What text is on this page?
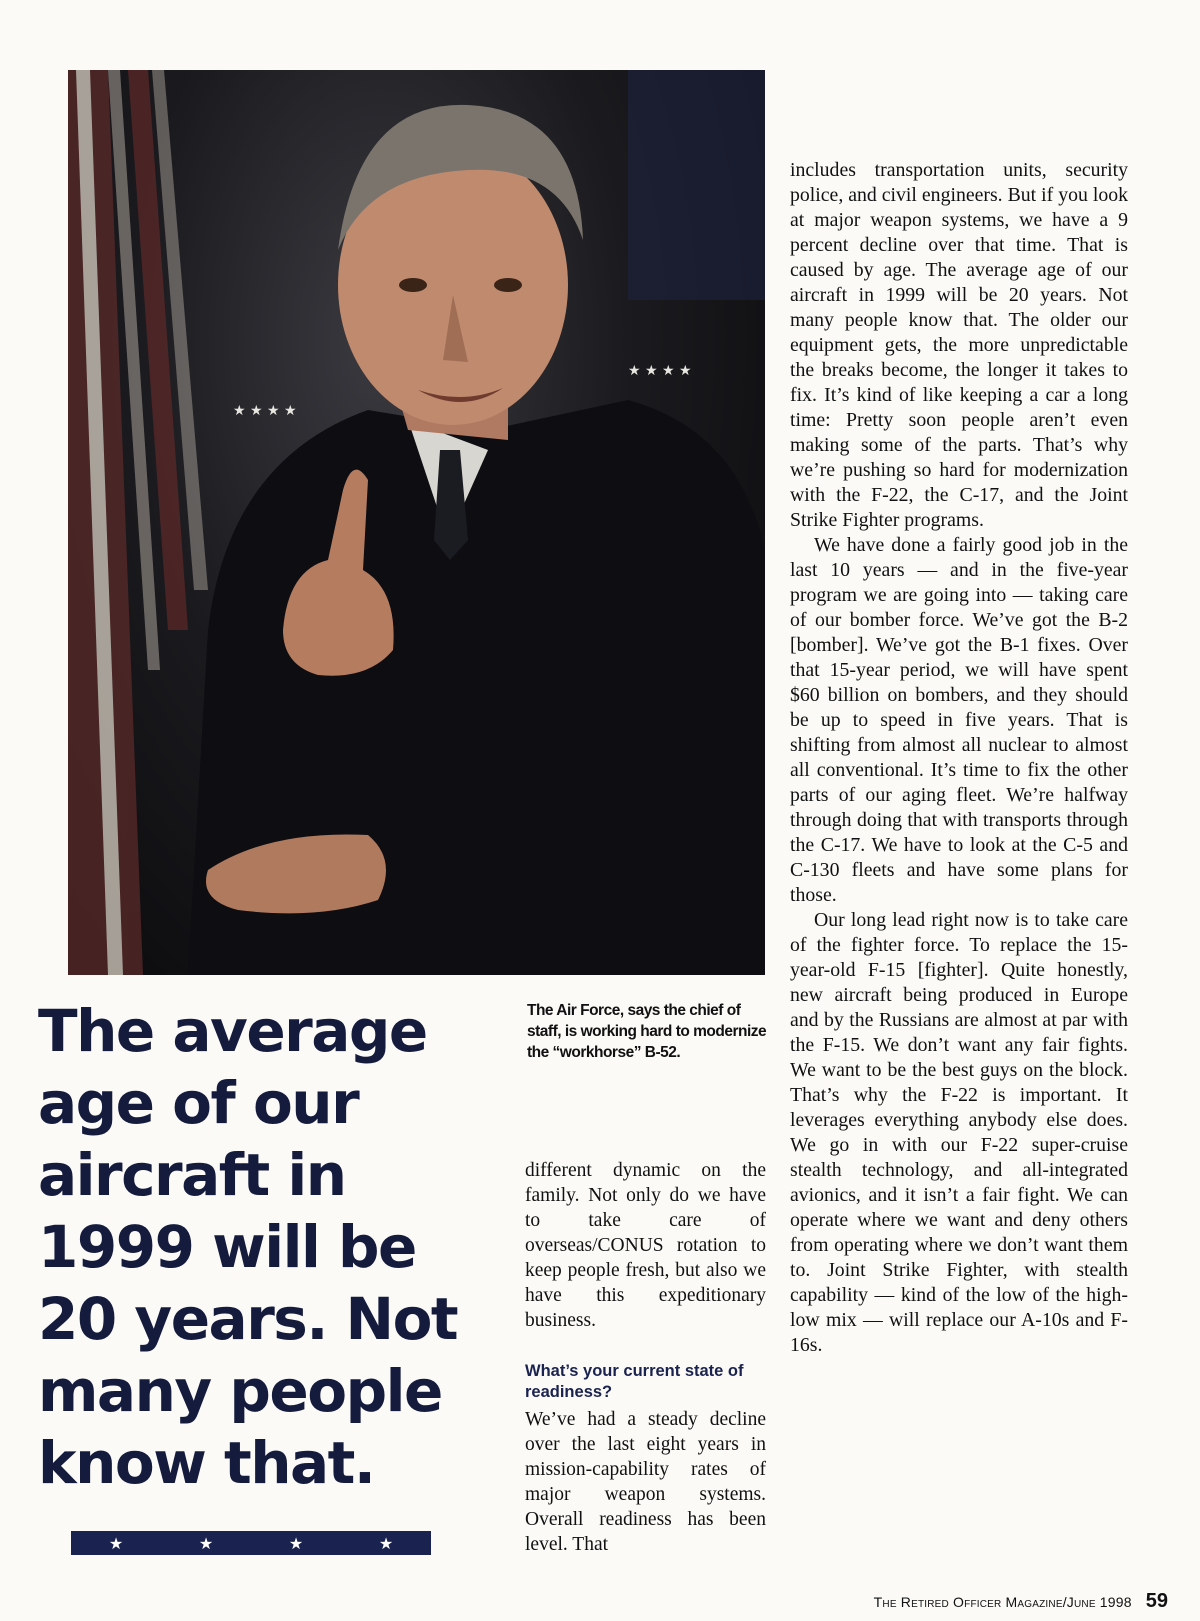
★ ★ ★ ★
★ ★ ★ ★

The average age of our aircraft in 1999 will be 20 years. Not many people know that.

★	★	★	★

The Air Force, says the chief of staff, is working hard to modernize the “workhorse” B-52.

different dynamic on the family. Not only do we have to take care of overseas/CONUS rotation to keep people fresh, but also we have this expeditionary business.

What’s your current state of readiness?

We’ve had a steady decline over the last eight years in mission-capability rates of major weapon systems. Overall readiness has been level. That

includes transportation units, security police, and civil engineers. But if you look at major weapon systems, we have a 9 percent decline over that time. That is caused by age. The average age of our aircraft in 1999 will be 20 years. Not many people know that. The older our equipment gets, the more unpredictable the breaks become, the longer it takes to fix. It’s kind of like keeping a car a long time: Pretty soon people aren’t even making some of the parts. That’s why we’re pushing so hard for modernization with the F-22, the C-17, and the Joint Strike Fighter programs.

We have done a fairly good job in the last 10 years — and in the five-year program we are going into — taking care of our bomber force. We’ve got the B-2 [bomber]. We’ve got the B-1 fixes. Over that 15-year period, we will have spent $60 billion on bombers, and they should be up to speed in five years. That is shifting from almost all nuclear to almost all conventional. It’s time to fix the other parts of our aging fleet. We’re halfway through doing that with transports through the C-17. We have to look at the C-5 and C-130 fleets and have some plans for those.

Our long lead right now is to take care of the fighter force. To replace the 15-year-old F-15 [fighter]. Quite honestly, new aircraft being produced in Europe and by the Russians are almost at par with the F-15. We don’t want any fair fights. We want to be the best guys on the block. That’s why the F-22 is important. It leverages everything anybody else does. We go in with our F-22 super-cruise stealth technology, and all-integrated avionics, and it isn’t a fair fight. We can operate where we want and deny others from operating where we don’t want them to. Joint Strike Fighter, with stealth capability — kind of the low of the high-low mix — will replace our A-10s and F-16s.

The Retired Officer Magazine/June 1998 59
